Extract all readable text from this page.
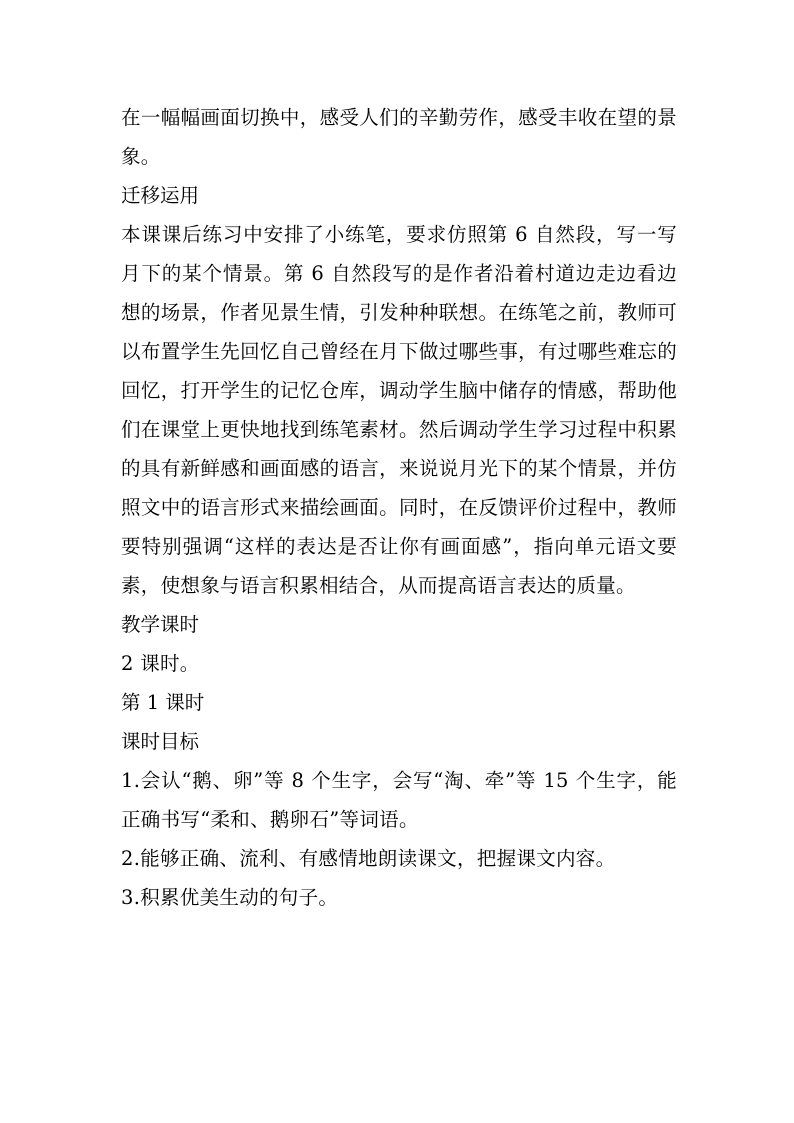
在一幅幅画面切换中，感受人们的辛勤劳作，感受丰收在望的景象。

迁移运用

本课课后练习中安排了小练笔，要求仿照第 6 自然段，写一写月下的某个情景。第 6 自然段写的是作者沿着村道边走边看边想的场景，作者见景生情，引发种种联想。在练笔之前，教师可以布置学生先回忆自己曾经在月下做过哪些事，有过哪些难忘的回忆，打开学生的记忆仓库，调动学生脑中储存的情感，帮助他们在课堂上更快地找到练笔素材。然后调动学生学习过程中积累的具有新鲜感和画面感的语言，来说说月光下的某个情景，并仿照文中的语言形式来描绘画面。同时，在反馈评价过程中，教师要特别强调“这样的表达是否让你有画面感”，指向单元语文要素，使想象与语言积累相结合，从而提高语言表达的质量。

教学课时

2 课时。

第 1 课时

课时目标

1.会认“鹅、卵”等 8 个生字，会写“淘、牵”等 15 个生字，能正确书写“柔和、鹅卵石”等词语。

2.能够正确、流利、有感情地朗读课文，把握课文内容。

3.积累优美生动的句子。
